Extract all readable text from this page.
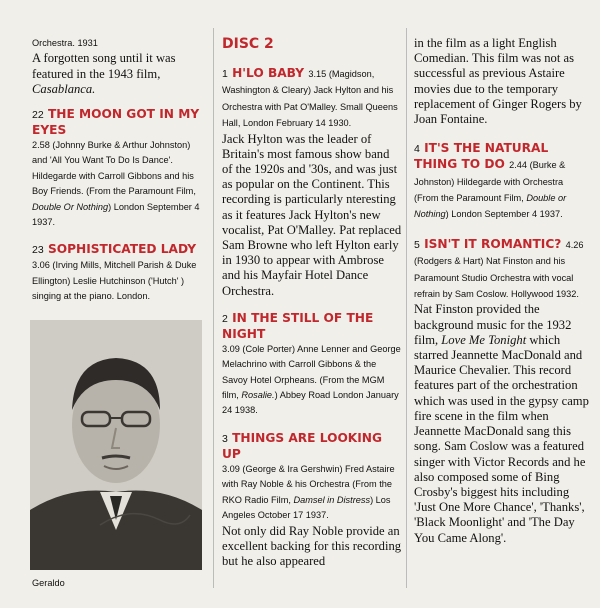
Orchestra. 1931

A forgotten song until it was featured in the 1943 film, Casablanca.

22 THE MOON GOT IN MY EYES

2.58 (Johnny Burke & Arthur Johnston) and 'All You Want To Do Is Dance'. Hildegarde with Carroll Gibbons and his Boy Friends. (From the Paramount Film, Double Or Nothing) London September 4 1937.

23 SOPHISTICATED LADY

3.06 (Irving Mills, Mitchell Parish & Duke Ellington) Leslie Hutchinson ('Hutch' ) singing at the piano. London.

Geraldo

DISC 2
1 H'LO BABY 3.15 (Magidson, Washington & Cleary) Jack Hylton and his Orchestra with Pat O'Malley. Small Queens Hall, London February 14 1930.

Jack Hylton was the leader of Britain's most famous show band of the 1920s and '30s, and was just as popular on the Continent. This recording is particularly nteresting as it features Jack Hylton's new vocalist, Pat O'Malley. Pat replaced Sam Browne who left Hylton early in 1930 to appear with Ambrose and his Mayfair Hotel Dance Orchestra.

2 IN THE STILL OF THE NIGHT

3.09 (Cole Porter) Anne Lenner and George Melachrino with Carroll Gibbons & the Savoy Hotel Orpheans. (From the MGM film, Rosalie.) Abbey Road London January 24 1938.

3 THINGS ARE LOOKING UP

3.09 (George & Ira Gershwin) Fred Astaire with Ray Noble & his Orchestra (From the RKO Radio Film, Damsel in Distress) Los Angeles October 17 1937.

Not only did Ray Noble provide an excellent backing for this recording but he also appeared

in the film as a light English Comedian. This film was not as successful as previous Astaire movies due to the temporary replacement of Ginger Rogers by Joan Fontaine.

4 IT'S THE NATURAL THING TO DO 2.44 (Burke & Johnston) Hildegarde with Orchestra (From the Paramount Film, Double or Nothing) London September 4 1937.
5 ISN'T IT ROMANTIC? 4.26 (Rodgers & Hart) Nat Finston and his Paramount Studio Orchestra with vocal refrain by Sam Coslow. Hollywood 1932.

Nat Finston provided the background music for the 1932 film, Love Me Tonight which starred Jeannette MacDonald and Maurice Chevalier. This record features part of the orchestration which was used in the gypsy camp fire scene in the film when Jeannette MacDonald sang this song. Sam Coslow was a featured singer with Victor Records and he also composed some of Bing Crosby's biggest hits including 'Just One More Chance', 'Thanks', 'Black Moonlight' and 'The Day You Came Along'.
